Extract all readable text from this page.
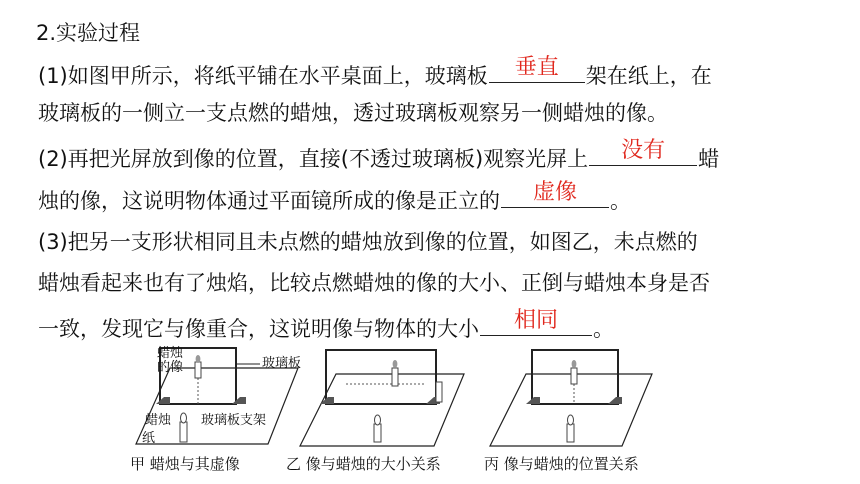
2.实验过程
(1)如图甲所示，将纸平铺在水平桌面上，玻璃板	垂直	架在纸上，在
玻璃板的一侧立一支点燃的蜡烛，透过玻璃板观察另一侧蜡烛的像。
(2)再把光屏放到像的位置，直接(不透过玻璃板)观察光屏上	没有	蜡
烛的像，这说明物体通过平面镜所成的像是正立的	虚像	。
(3)把另一支形状相同且未点燃的蜡烛放到像的位置，如图乙，未点燃的
蜡烛看起来也有了烛焰，比较点燃蜡烛的像的大小、正倒与蜡烛本身是否
一致，发现它与像重合，这说明像与物体的大小	相同	。
蜡烛
的像	玻璃板
蜡烛
纸
玻璃板支架
甲 蜡烛与其虚像	乙 像与蜡烛的大小关系	丙 像与蜡烛的位置关系
